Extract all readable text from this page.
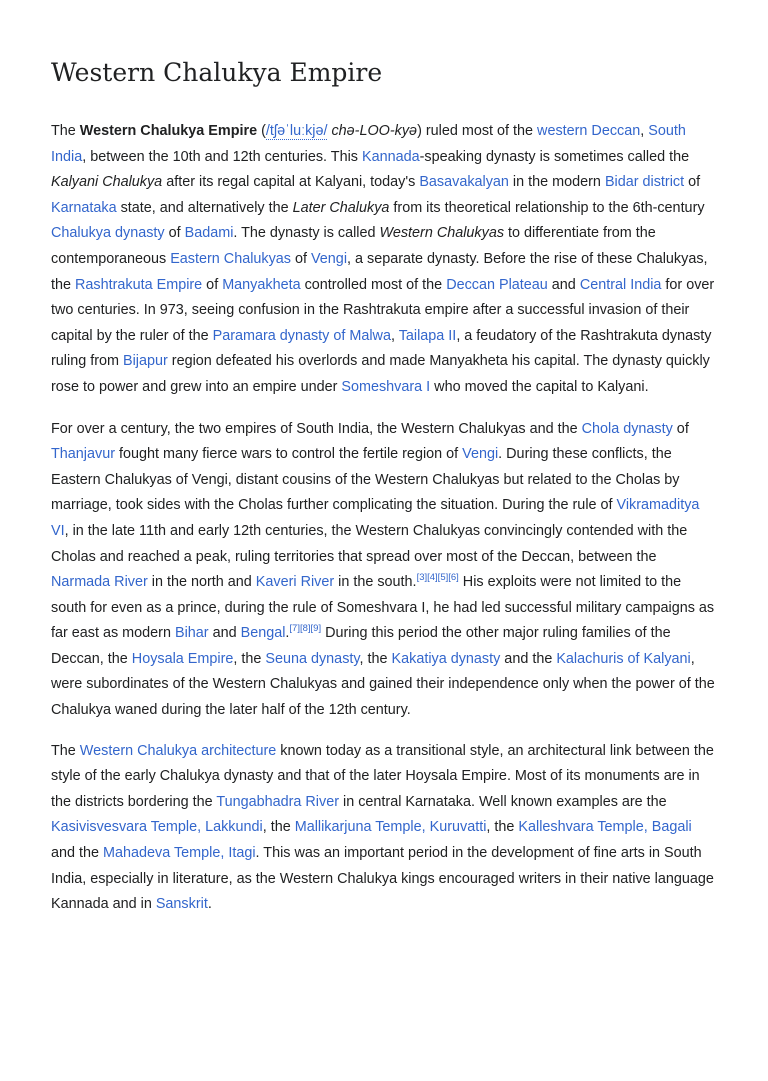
Western Chalukya Empire

The Western Chalukya Empire (/tʃəˈluːkjə/ chə-LOO-kyə) ruled most of the western Deccan, South India, between the 10th and 12th centuries. This Kannada-speaking dynasty is sometimes called the Kalyani Chalukya after its regal capital at Kalyani, today's Basavakalyan in the modern Bidar district of Karnataka state, and alternatively the Later Chalukya from its theoretical relationship to the 6th-century Chalukya dynasty of Badami. The dynasty is called Western Chalukyas to differentiate from the contemporaneous Eastern Chalukyas of Vengi, a separate dynasty. Before the rise of these Chalukyas, the Rashtrakuta Empire of Manyakheta controlled most of the Deccan Plateau and Central India for over two centuries. In 973, seeing confusion in the Rashtrakuta empire after a successful invasion of their capital by the ruler of the Paramara dynasty of Malwa, Tailapa II, a feudatory of the Rashtrakuta dynasty ruling from Bijapur region defeated his overlords and made Manyakheta his capital. The dynasty quickly rose to power and grew into an empire under Someshvara I who moved the capital to Kalyani.

For over a century, the two empires of South India, the Western Chalukyas and the Chola dynasty of Thanjavur fought many fierce wars to control the fertile region of Vengi. During these conflicts, the Eastern Chalukyas of Vengi, distant cousins of the Western Chalukyas but related to the Cholas by marriage, took sides with the Cholas further complicating the situation. During the rule of Vikramaditya VI, in the late 11th and early 12th centuries, the Western Chalukyas convincingly contended with the Cholas and reached a peak, ruling territories that spread over most of the Deccan, between the Narmada River in the north and Kaveri River in the south.[3][4][5][6] His exploits were not limited to the south for even as a prince, during the rule of Someshvara I, he had led successful military campaigns as far east as modern Bihar and Bengal.[7][8][9] During this period the other major ruling families of the Deccan, the Hoysala Empire, the Seuna dynasty, the Kakatiya dynasty and the Kalachuris of Kalyani, were subordinates of the Western Chalukyas and gained their independence only when the power of the Chalukya waned during the later half of the 12th century.

The Western Chalukya architecture known today as a transitional style, an architectural link between the style of the early Chalukya dynasty and that of the later Hoysala Empire. Most of its monuments are in the districts bordering the Tungabhadra River in central Karnataka. Well known examples are the Kasivisvesvara Temple, Lakkundi, the Mallikarjuna Temple, Kuruvatti, the Kalleshvara Temple, Bagali and the Mahadeva Temple, Itagi. This was an important period in the development of fine arts in South India, especially in literature, as the Western Chalukya kings encouraged writers in their native language Kannada and in Sanskrit.
